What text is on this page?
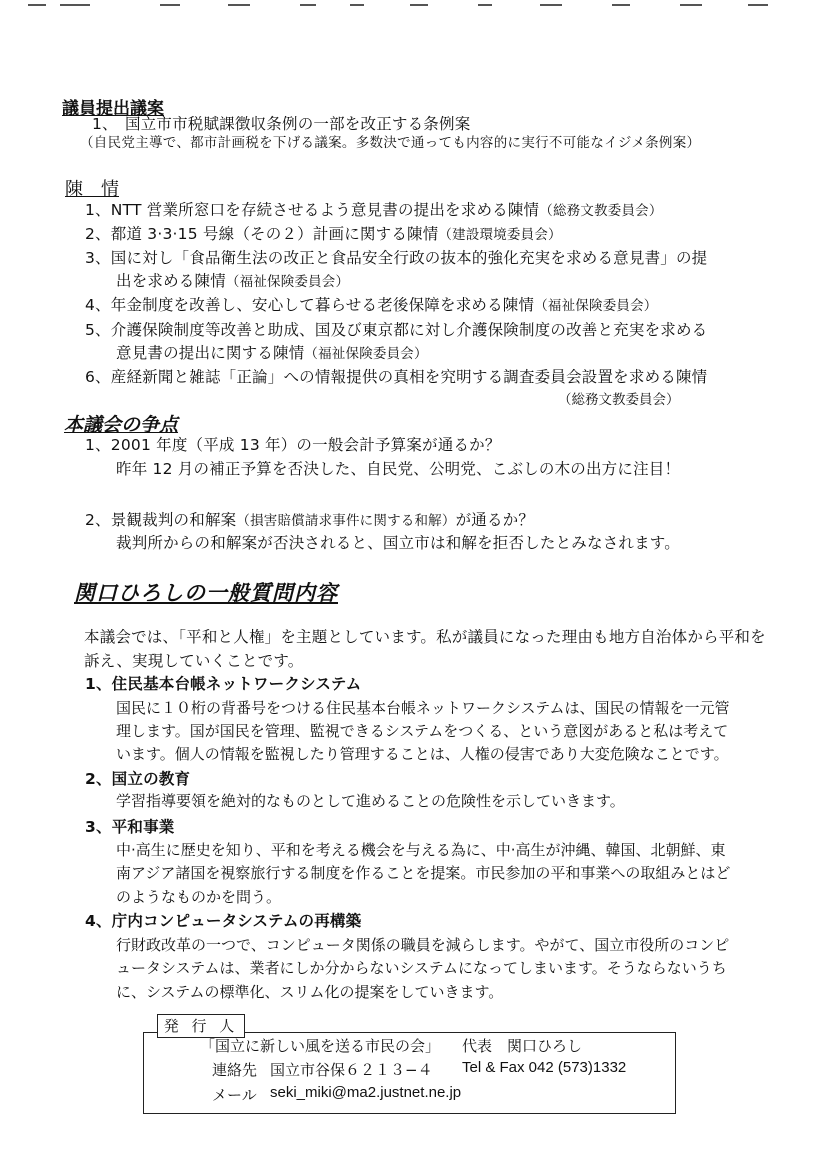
議員提出議案
1、 国立市市税賦課徴収条例の一部を改正する条例案
（自民党主導で、都市計画税を下げる議案。多数決で通っても内容的に実行不可能なイジメ条例案）
陳　情
1、NTT 営業所窓口を存続させるよう意見書の提出を求める陳情（総務文教委員会）
2、都道 3·3·15 号線（その２）計画に関する陳情（建設環境委員会）
3、国に対し「食品衛生法の改正と食品安全行政の抜本的強化充実を求める意見書」の提
出を求める陳情（福祉保険委員会）
4、年金制度を改善し、安心して暮らせる老後保障を求める陳情（福祉保険委員会）
5、介護保険制度等改善と助成、国及び東京都に対し介護保険制度の改善と充実を求める
意見書の提出に関する陳情（福祉保険委員会）
6、産経新聞と雑誌「正論」への情報提供の真相を究明する調査委員会設置を求める陳情
（総務文教委員会）
本議会の争点
1、2001 年度（平成 13 年）の一般会計予算案が通るか？
昨年 12 月の補正予算を否決した、自民党、公明党、こぶしの木の出方に注目！
2、景観裁判の和解案（損害賠償請求事件に関する和解）が通るか？
裁判所からの和解案が否決されると、国立市は和解を拒否したとみなされます。
関口ひろしの一般質問内容
本議会では、「平和と人権」を主題としています。私が議員になった理由も地方自治体から平和を
訴え、実現していくことです。
1、住民基本台帳ネットワークシステム
国民に１０桁の背番号をつける住民基本台帳ネットワークシステムは、国民の情報を一元管
理します。国が国民を管理、監視できるシステムをつくる、という意図があると私は考えて
います。個人の情報を監視したり管理することは、人権の侵害であり大変危険なことです。
2、国立の教育
学習指導要領を絶対的なものとして進めることの危険性を示していきます。
3、平和事業
中·高生に歴史を知り、平和を考える機会を与える為に、中·高生が沖縄、韓国、北朝鮮、東
南アジア諸国を視察旅行する制度を作ることを提案。市民参加の平和事業への取組みとはど
のようなものかを問う。
4、庁内コンピュータシステムの再構築
行財政改革の一つで、コンピュータ関係の職員を減らします。やがて、国立市役所のコンピ
ュータシステムは、業者にしか分からないシステムになってしまいます。そうならないうち
に、システムの標準化、スリム化の提案をしていきます。
発 行 人
「国立に新しい風を送る市民の会」 代表　関口ひろし
連絡先 国立市谷保６２１３−４ Tel & Fax 042 (573)1332
メール seki_miki@ma2.justnet.ne.jp
